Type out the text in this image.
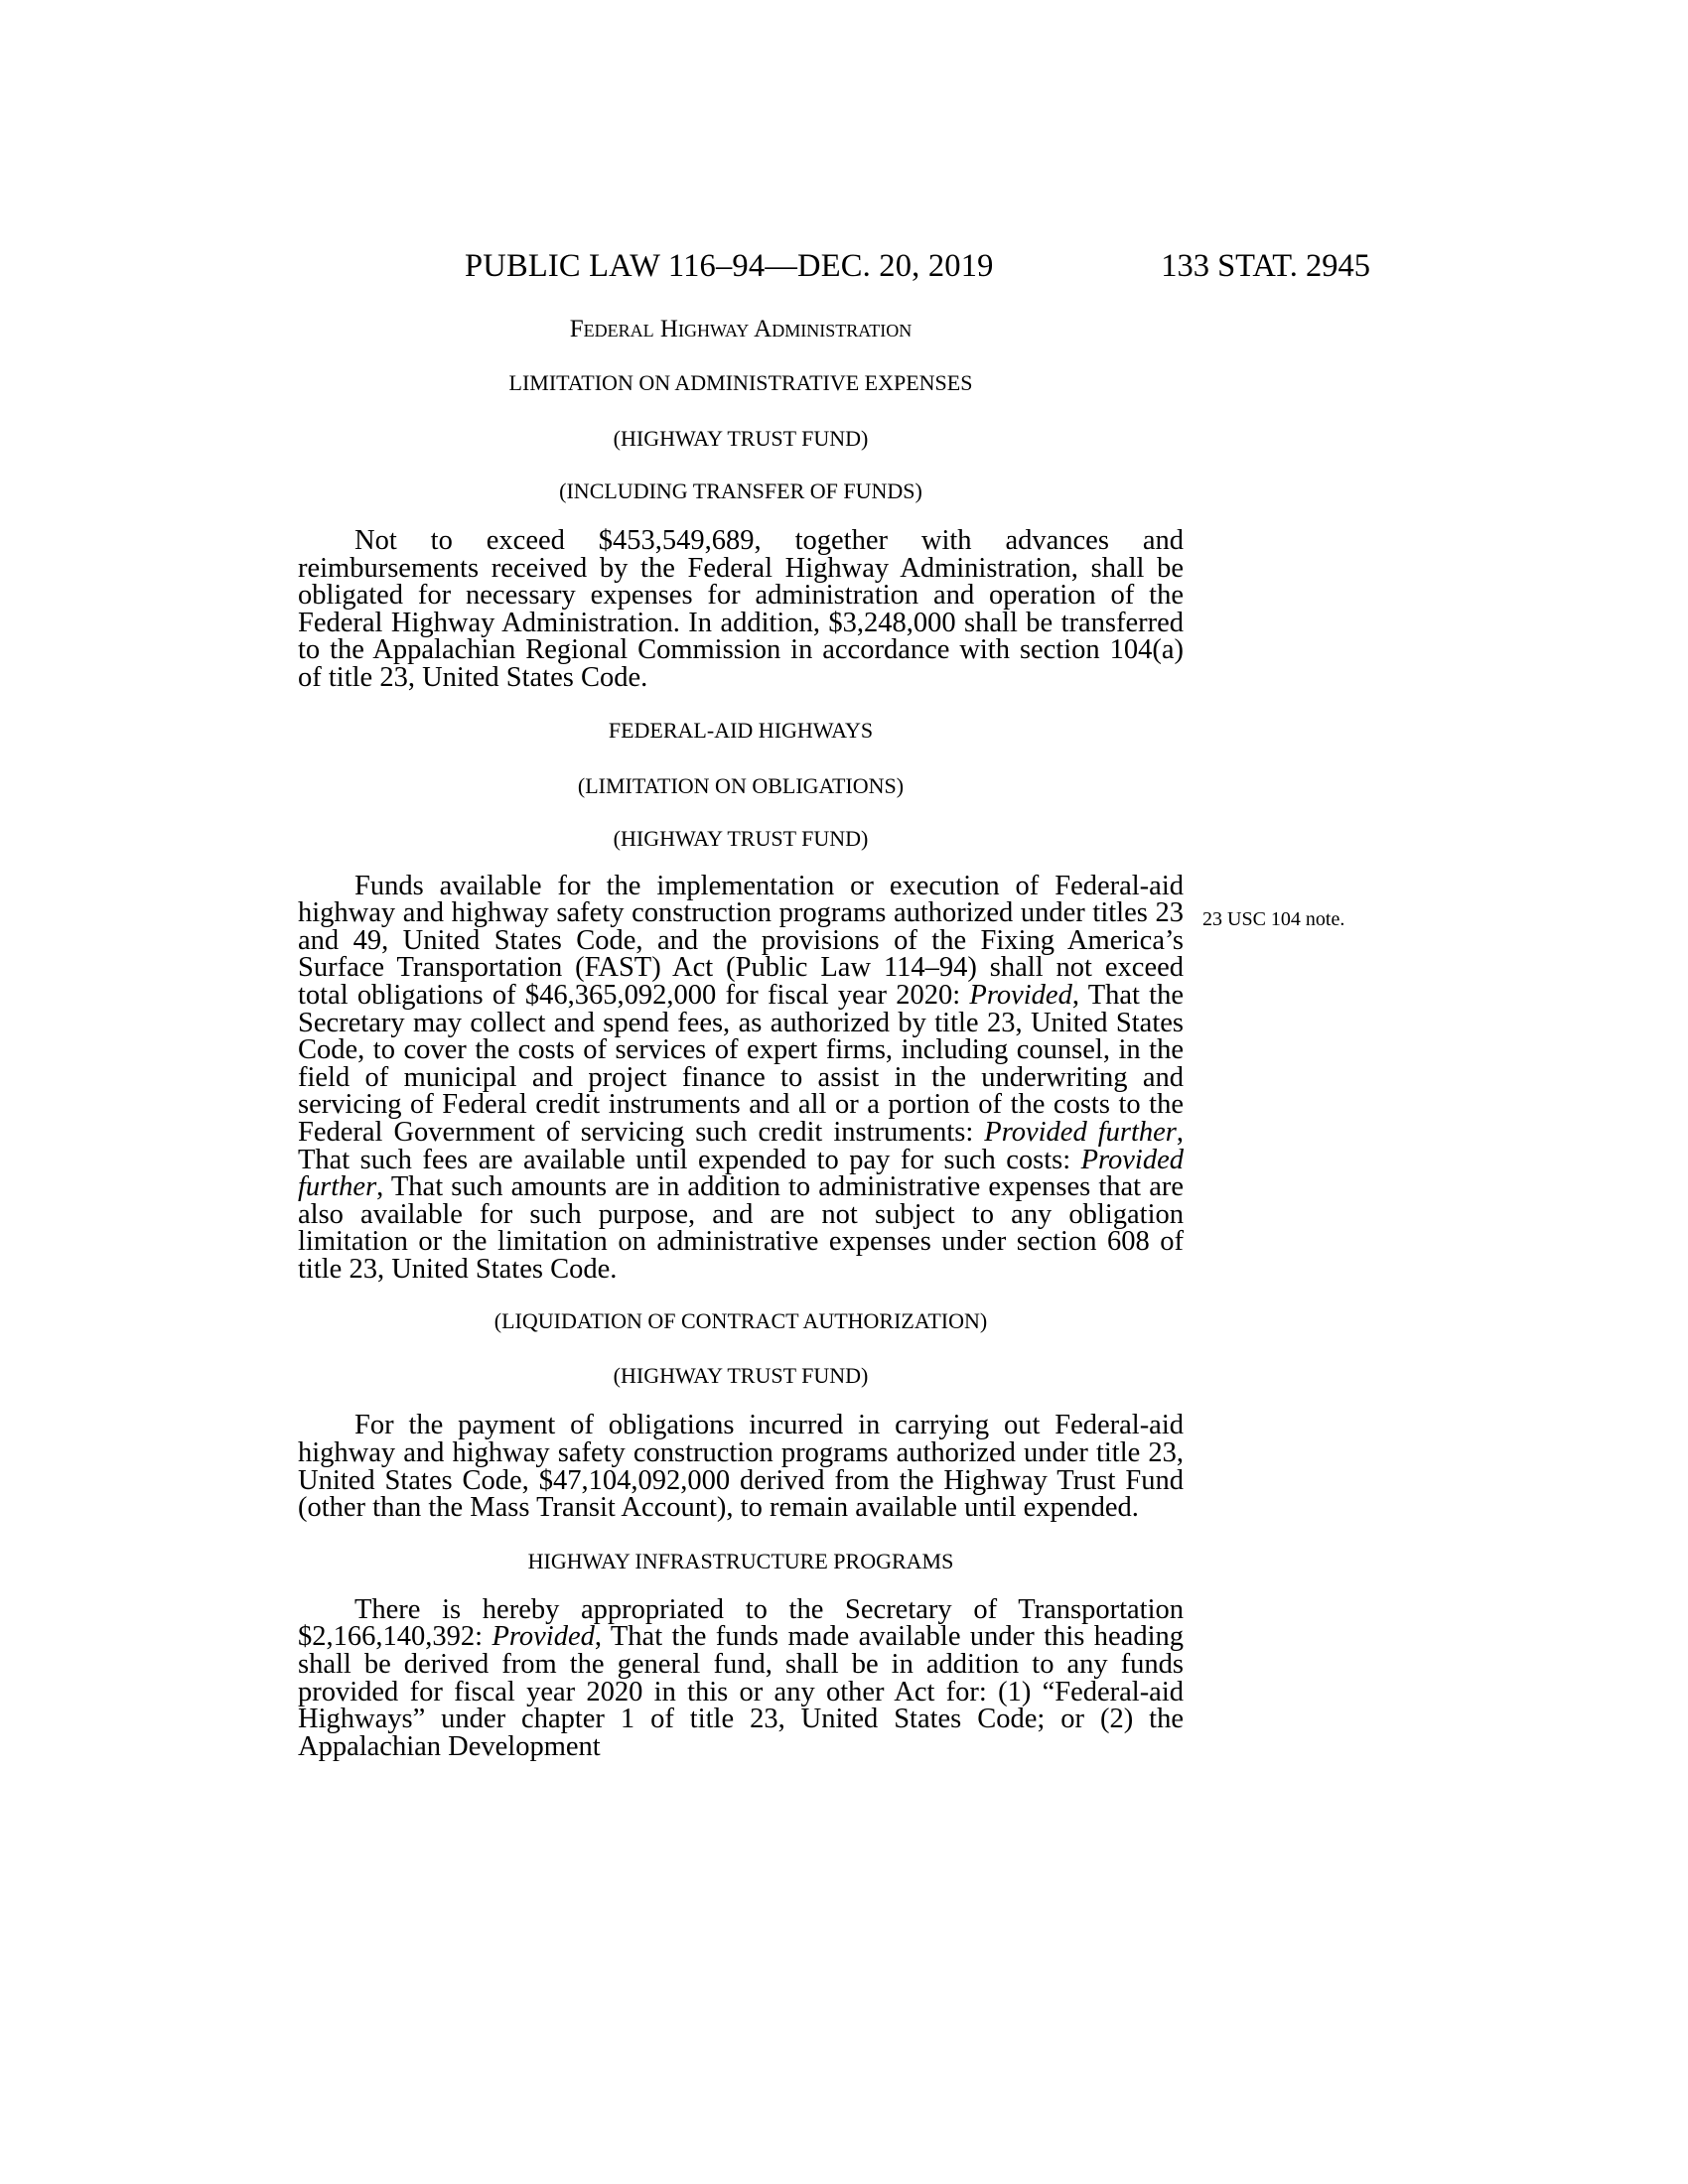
PUBLIC LAW 116–94—DEC. 20, 2019	133 STAT. 2945
23 USC 104 note.

Federal Highway Administration

LIMITATION ON ADMINISTRATIVE EXPENSES

(HIGHWAY TRUST FUND)

(INCLUDING TRANSFER OF FUNDS)

Not to exceed $453,549,689, together with advances and reimbursements received by the Federal Highway Administration, shall be obligated for necessary expenses for administration and operation of the Federal Highway Administration. In addition, $3,248,000 shall be transferred to the Appalachian Regional Commission in accordance with section 104(a) of title 23, United States Code.

FEDERAL-AID HIGHWAYS

(LIMITATION ON OBLIGATIONS)

(HIGHWAY TRUST FUND)

Funds available for the implementation or execution of Federal-aid highway and highway safety construction programs authorized under titles 23 and 49, United States Code, and the provisions of the Fixing America’s Surface Transportation (FAST) Act (Public Law 114–94) shall not exceed total obligations of $46,365,092,000 for fiscal year 2020: Provided, That the Secretary may collect and spend fees, as authorized by title 23, United States Code, to cover the costs of services of expert firms, including counsel, in the field of municipal and project finance to assist in the underwriting and servicing of Federal credit instruments and all or a portion of the costs to the Federal Government of servicing such credit instruments: Provided further, That such fees are available until expended to pay for such costs: Provided further, That such amounts are in addition to administrative expenses that are also available for such purpose, and are not subject to any obligation limitation or the limitation on administrative expenses under section 608 of title 23, United States Code.

(LIQUIDATION OF CONTRACT AUTHORIZATION)

(HIGHWAY TRUST FUND)

For the payment of obligations incurred in carrying out Federal-aid highway and highway safety construction programs authorized under title 23, United States Code, $47,104,092,000 derived from the Highway Trust Fund (other than the Mass Transit Account), to remain available until expended.

HIGHWAY INFRASTRUCTURE PROGRAMS

There is hereby appropriated to the Secretary of Transportation $2,166,140,392: Provided, That the funds made available under this heading shall be derived from the general fund, shall be in addition to any funds provided for fiscal year 2020 in this or any other Act for: (1) “Federal-aid Highways” under chapter 1 of title 23, United States Code; or (2) the Appalachian Development
